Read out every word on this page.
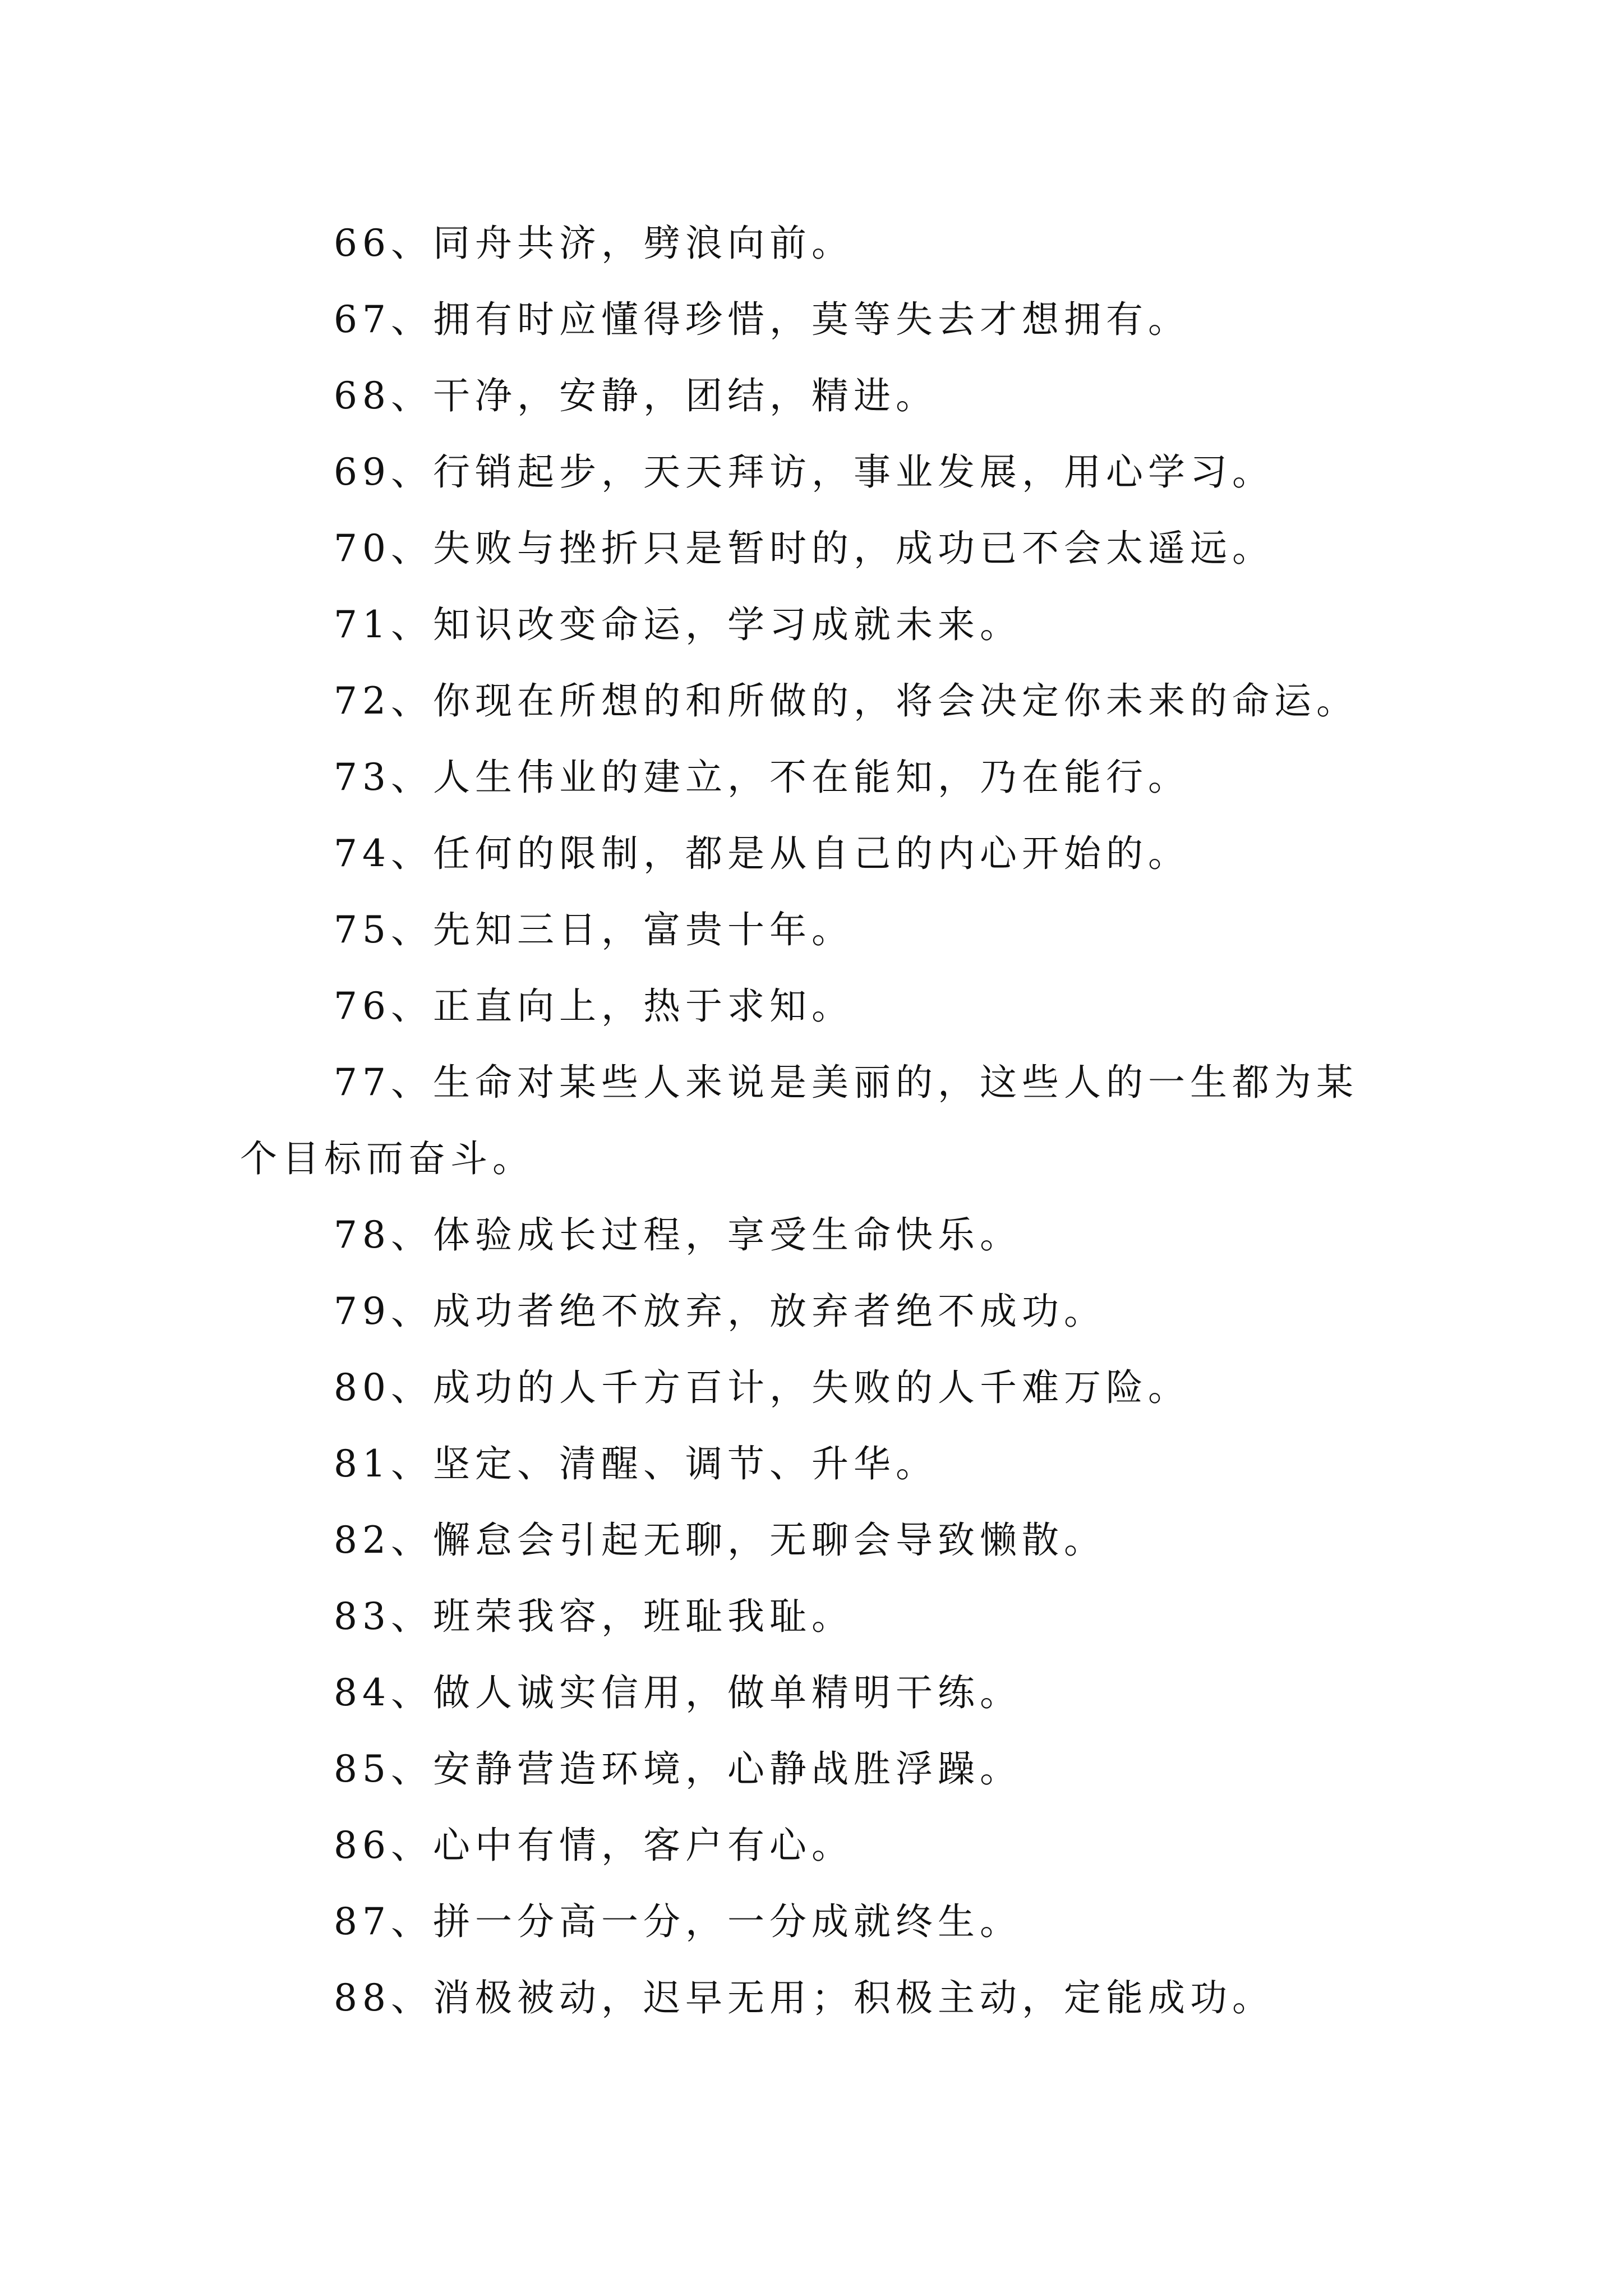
66、同舟共济，劈浪向前。
67、拥有时应懂得珍惜，莫等失去才想拥有。
68、干净，安静，团结，精进。
69、行销起步，天天拜访，事业发展，用心学习。
70、失败与挫折只是暂时的，成功已不会太遥远。
71、知识改变命运，学习成就未来。
72、你现在所想的和所做的，将会决定你未来的命运。
73、人生伟业的建立，不在能知，乃在能行。
74、任何的限制，都是从自己的内心开始的。
75、先知三日，富贵十年。
76、正直向上，热于求知。
77、生命对某些人来说是美丽的，这些人的一生都为某
个目标而奋斗。
78、体验成长过程，享受生命快乐。
79、成功者绝不放弃，放弃者绝不成功。
80、成功的人千方百计，失败的人千难万险。
81、坚定、清醒、调节、升华。
82、懈怠会引起无聊，无聊会导致懒散。
83、班荣我容，班耻我耻。
84、做人诚实信用，做单精明干练。
85、安静营造环境，心静战胜浮躁。
86、心中有情，客户有心。
87、拼一分高一分，一分成就终生。
88、消极被动，迟早无用；积极主动，定能成功。
